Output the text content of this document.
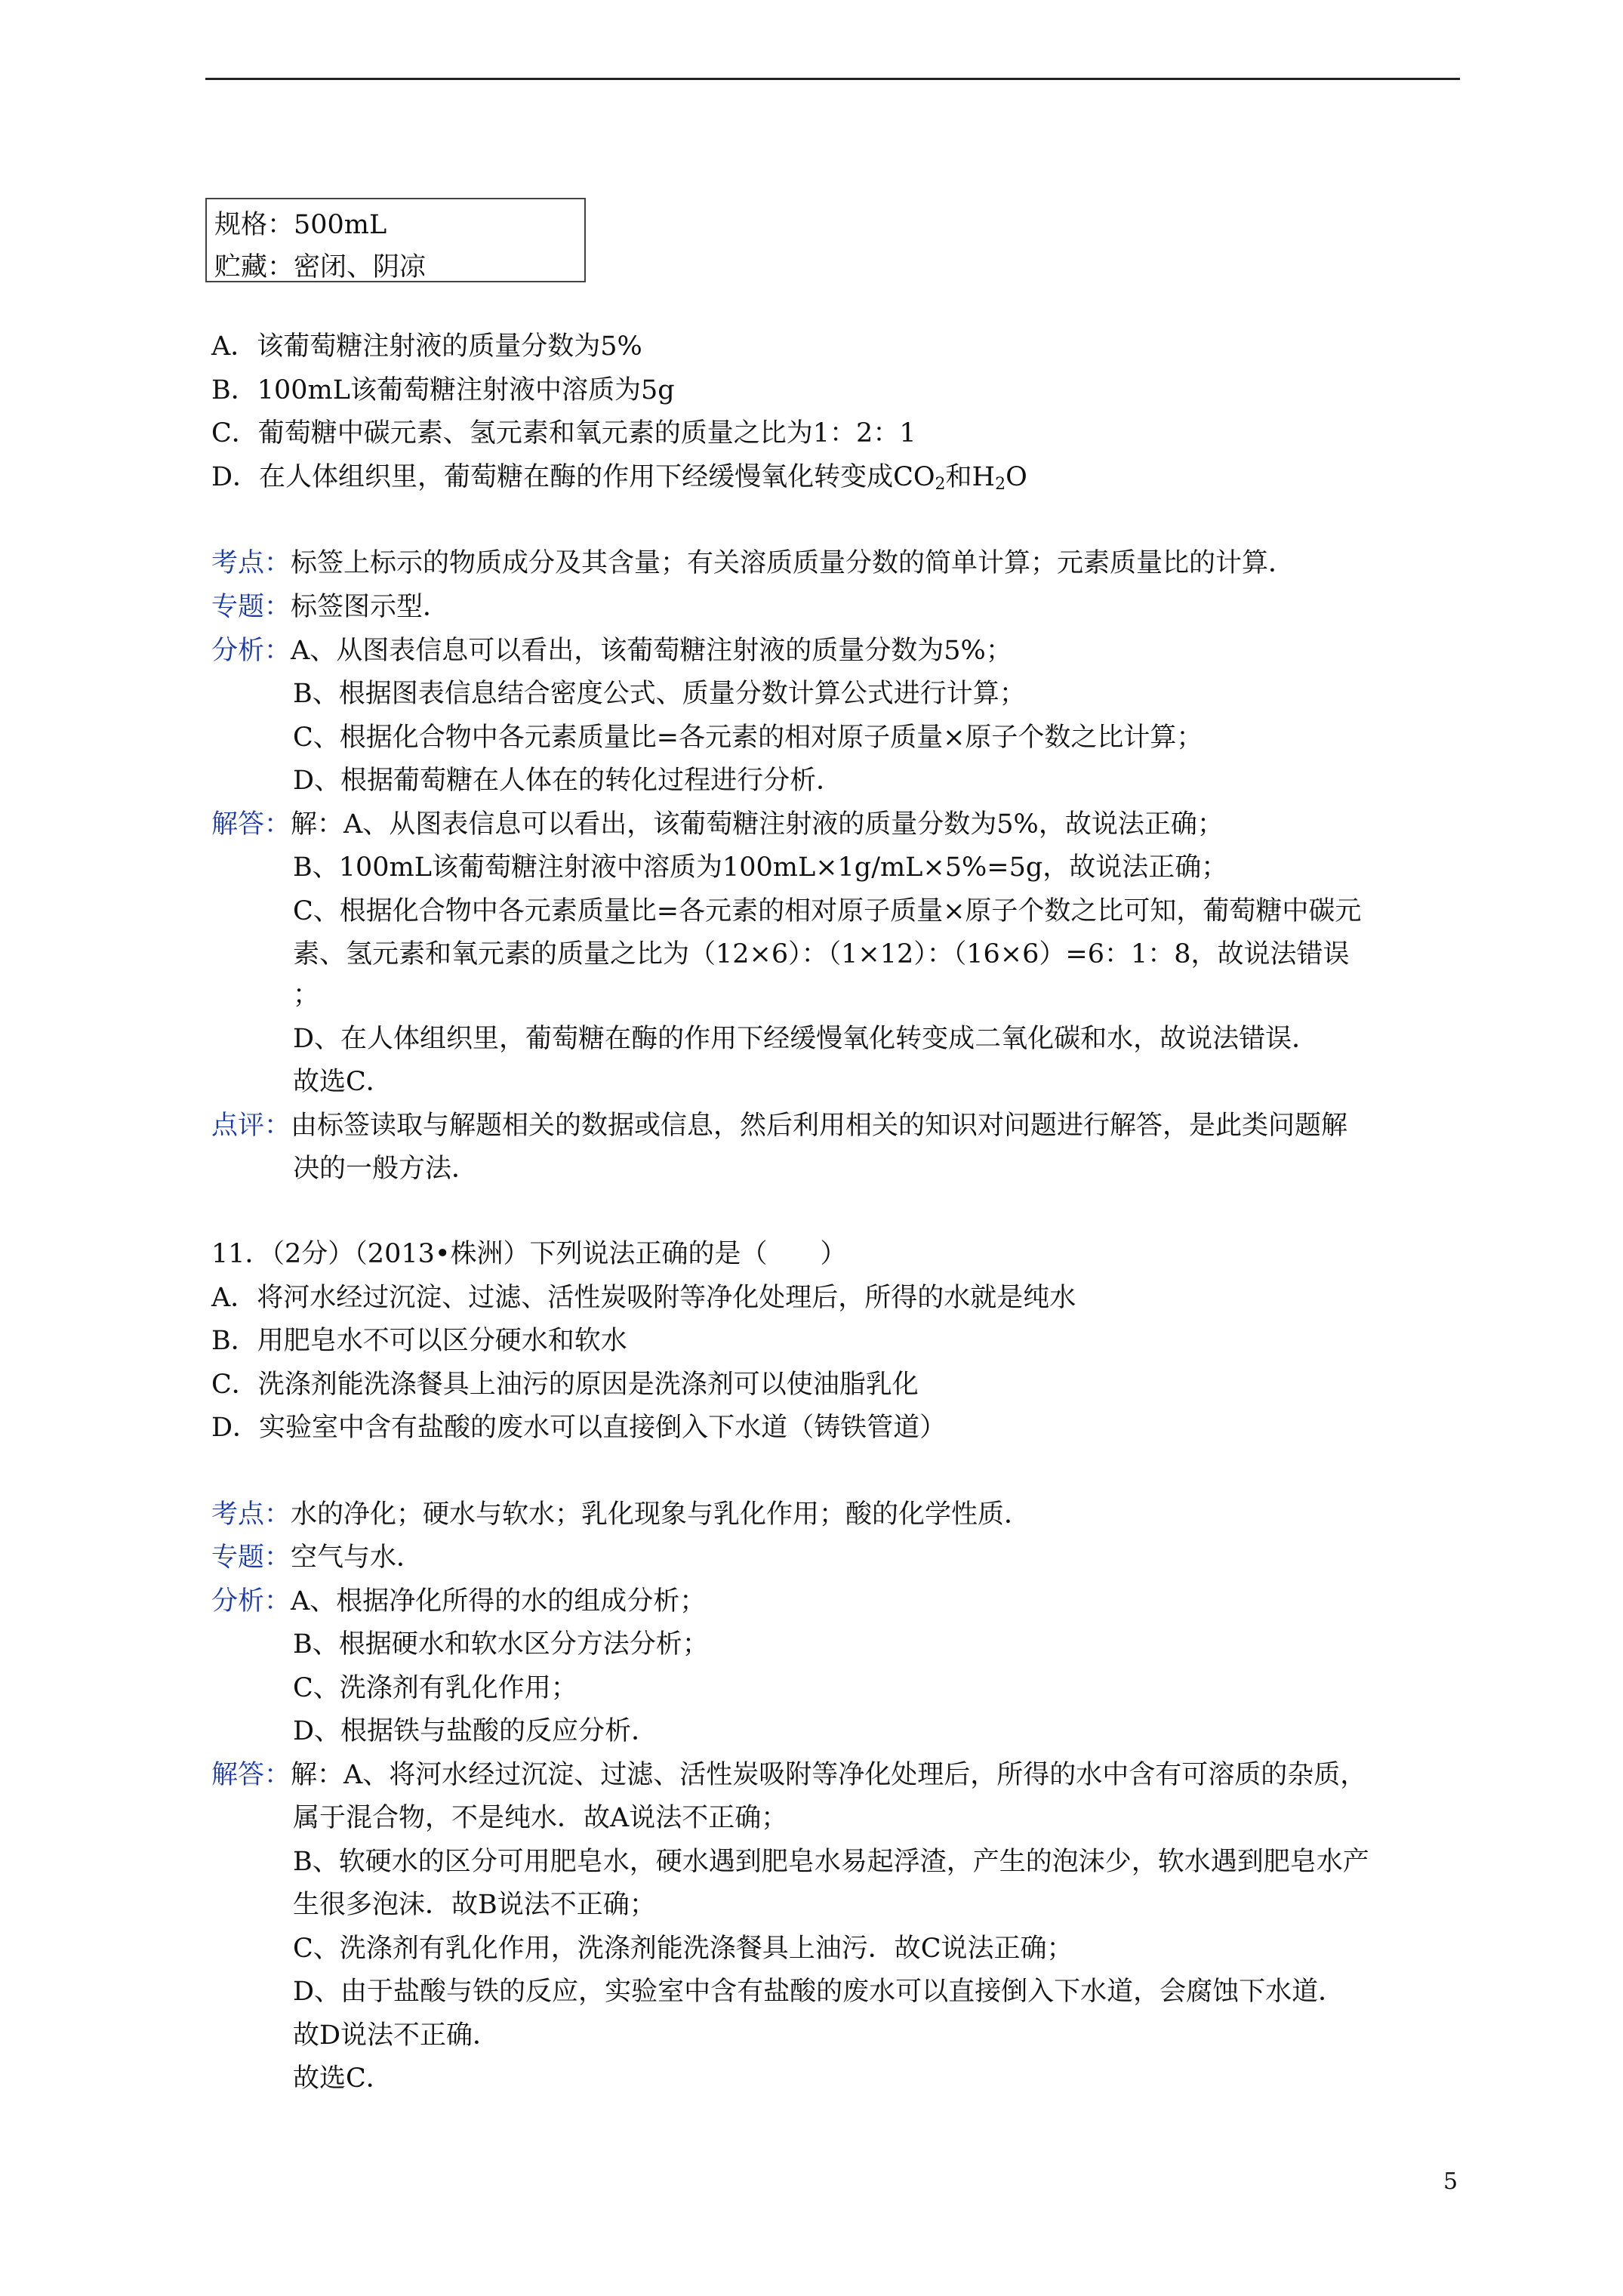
规格：500mL
贮藏：密闭、阴凉
A．该葡萄糖注射液的质量分数为5%
B．100mL该葡萄糖注射液中溶质为5g
C．葡萄糖中碳元素、氢元素和氧元素的质量之比为1：2：1
D．在人体组织里，葡萄糖在酶的作用下经缓慢氧化转变成$CO_2$和$H_2O$
考点：标签上标示的物质成分及其含量；有关溶质质量分数的简单计算；元素质量比的计算．
专题：标签图示型．
分析：A、从图表信息可以看出，该葡萄糖注射液的质量分数为5%；
B、根据图表信息结合密度公式、质量分数计算公式进行计算；
C、根据化合物中各元素质量比=各元素的相对原子质量×原子个数之比计算；
D、根据葡萄糖在人体在的转化过程进行分析．
解答：解：A、从图表信息可以看出，该葡萄糖注射液的质量分数为5%，故说法正确；
B、100mL该葡萄糖注射液中溶质为100mL×1g/mL×5%=5g，故说法正确；
C、根据化合物中各元素质量比=各元素的相对原子质量×原子个数之比可知，葡萄糖中碳元
素、氢元素和氧元素的质量之比为（12×6）：（1×12）：（16×6）=6：1：8，故说法错误
；
D、在人体组织里，葡萄糖在酶的作用下经缓慢氧化转变成二氧化碳和水，故说法错误．
故选C．
点评：由标签读取与解题相关的数据或信息，然后利用相关的知识对问题进行解答，是此类问题解
决的一般方法．
11．（2分）（2013•株洲）下列说法正确的是（　　）
A．将河水经过沉淀、过滤、活性炭吸附等净化处理后，所得的水就是纯水
B．用肥皂水不可以区分硬水和软水
C．洗涤剂能洗涤餐具上油污的原因是洗涤剂可以使油脂乳化
D．实验室中含有盐酸的废水可以直接倒入下水道（铸铁管道）
考点：水的净化；硬水与软水；乳化现象与乳化作用；酸的化学性质．
专题：空气与水．
分析：A、根据净化所得的水的组成分析；
B、根据硬水和软水区分方法分析；
C、洗涤剂有乳化作用；
D、根据铁与盐酸的反应分析．
解答：解：A、将河水经过沉淀、过滤、活性炭吸附等净化处理后，所得的水中含有可溶质的杂质，
属于混合物，不是纯水．故A说法不正确；
B、软硬水的区分可用肥皂水，硬水遇到肥皂水易起浮渣，产生的泡沫少，软水遇到肥皂水产
生很多泡沫．故B说法不正确；
C、洗涤剂有乳化作用，洗涤剂能洗涤餐具上油污．故C说法正确；
D、由于盐酸与铁的反应，实验室中含有盐酸的废水可以直接倒入下水道，会腐蚀下水道．
故D说法不正确．
故选C．
5
